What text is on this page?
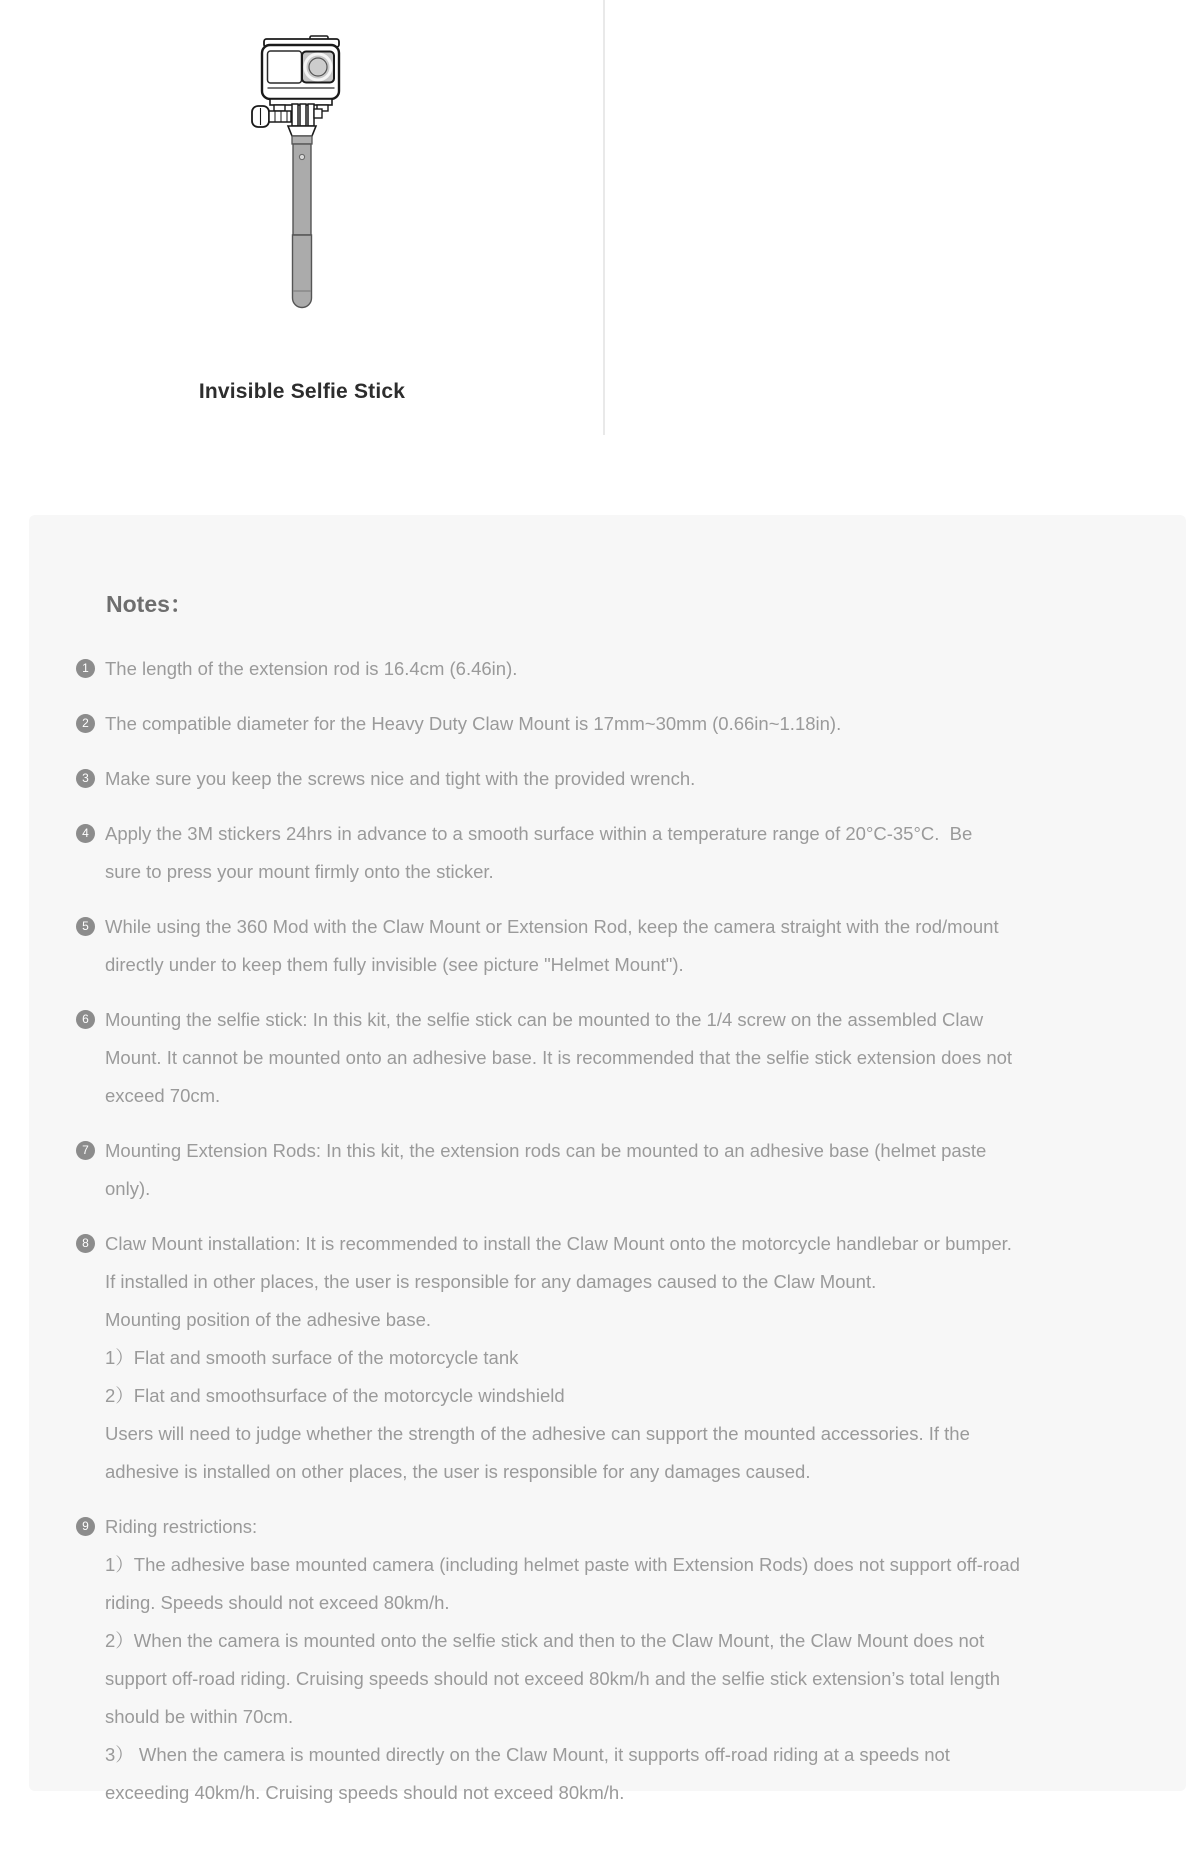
Invisible Selfie Stick
Notes：
1 The length of the extension rod is 16.4cm (6.46in).
2 The compatible diameter for the Heavy Duty Claw Mount is 17mm~30mm (0.66in~1.18in).
3 Make sure you keep the screws nice and tight with the provided wrench.
4 Apply the 3M stickers 24hrs in advance to a smooth surface within a temperature range of 20°C-35°C.  Be
sure to press your mount firmly onto the sticker.
5 While using the 360 Mod with the Claw Mount or Extension Rod, keep the camera straight with the rod/mount
directly under to keep them fully invisible (see picture "Helmet Mount").
6 Mounting the selfie stick: In this kit, the selfie stick can be mounted to the 1/4 screw on the assembled Claw
Mount. It cannot be mounted onto an adhesive base. It is recommended that the selfie stick extension does not
exceed 70cm.
7 Mounting Extension Rods: In this kit, the extension rods can be mounted to an adhesive base (helmet paste
only).
8 Claw Mount installation: It is recommended to install the Claw Mount onto the motorcycle handlebar or bumper.
If installed in other places, the user is responsible for any damages caused to the Claw Mount.
Mounting position of the adhesive base.
1）Flat and smooth surface of the motorcycle tank
2）Flat and smoothsurface of the motorcycle windshield
Users will need to judge whether the strength of the adhesive can support the mounted accessories. If the
adhesive is installed on other places, the user is responsible for any damages caused.
9 Riding restrictions:
1）The adhesive base mounted camera (including helmet paste with Extension Rods) does not support off-road
riding. Speeds should not exceed 80km/h.
2）When the camera is mounted onto the selfie stick and then to the Claw Mount, the Claw Mount does not
support off-road riding. Cruising speeds should not exceed 80km/h and the selfie stick extension’s total length
should be within 70cm.
3） When the camera is mounted directly on the Claw Mount, it supports off-road riding at a speeds not
exceeding 40km/h. Cruising speeds should not exceed 80km/h.
